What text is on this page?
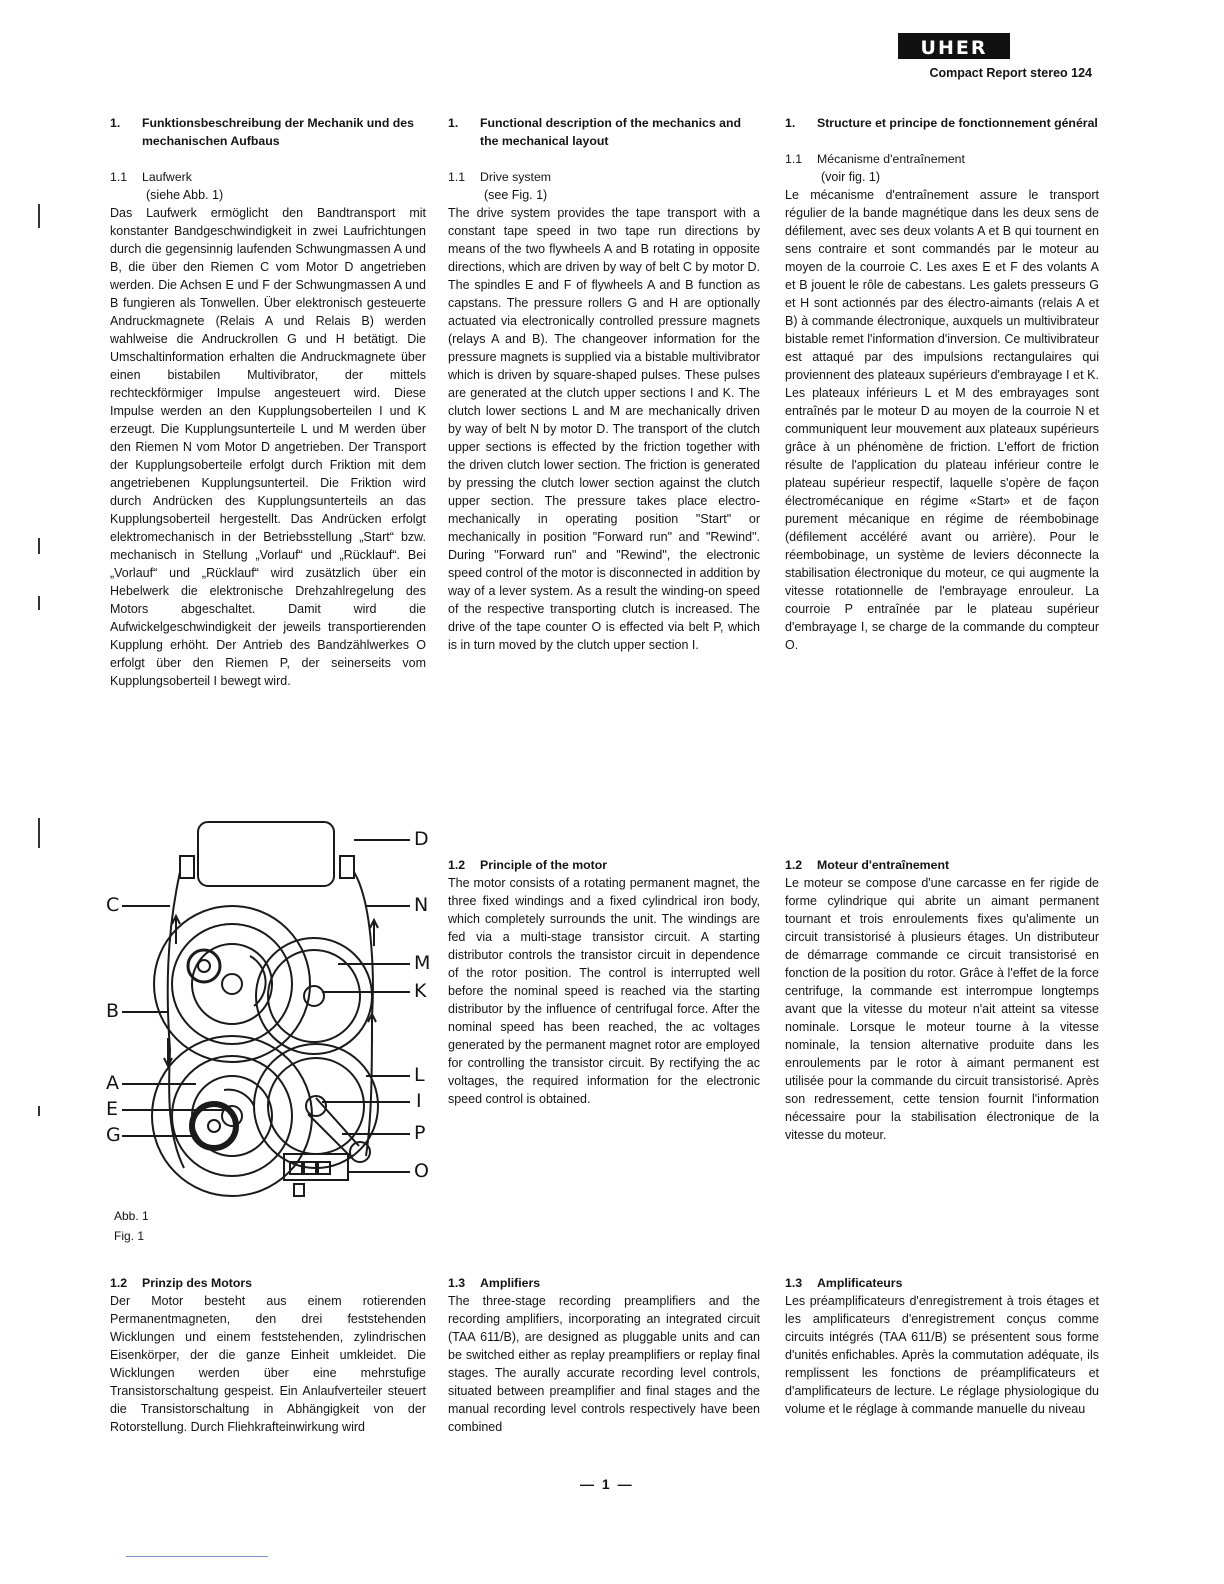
UHER
Compact Report stereo 124
1.	Funktionsbeschreibung der Mechanik und des mechanischen Aufbaus
1.1	Laufwerk
(siehe Abb. 1)

Das Laufwerk ermöglicht den Bandtransport mit konstanter Bandgeschwindigkeit in zwei Laufrichtungen durch die gegensinnig laufenden Schwungmassen A und B, die über den Riemen C vom Motor D angetrieben werden. Die Achsen E und F der Schwungmassen A und B fungieren als Tonwellen. Über elektronisch gesteuerte Andruckmagnete (Relais A und Relais B) werden wahlweise die Andruckrollen G und H betätigt. Die Umschaltinformation erhalten die Andruckmagnete über einen bistabilen Multivibrator, der mittels rechteckförmiger Impulse angesteuert wird. Diese Impulse werden an den Kupplungsoberteilen I und K erzeugt. Die Kupplungsunterteile L und M werden über den Riemen N vom Motor D angetrieben. Der Transport der Kupplungsoberteile erfolgt durch Friktion mit dem angetriebenen Kupplungsunterteil. Die Friktion wird durch Andrücken des Kupplungsunterteils an das Kupplungsoberteil hergestellt. Das Andrücken erfolgt elektromechanisch in der Betriebsstellung „Start“ bzw. mechanisch in Stellung „Vorlauf“ und „Rücklauf“. Bei „Vorlauf“ und „Rücklauf“ wird zusätzlich über ein Hebelwerk die elektronische Drehzahlregelung des Motors abgeschaltet. Damit wird die Aufwickelgeschwindigkeit der jeweils transportierenden Kupplung erhöht. Der Antrieb des Bandzählwerkes O erfolgt über den Riemen P, der seinerseits vom Kupplungsoberteil I bewegt wird.

1.	Functional description of the mechanics and the mechanical layout
1.1	Drive system
(see Fig. 1)

The drive system provides the tape transport with a constant tape speed in two tape run directions by means of the two flywheels A and B rotating in opposite directions, which are driven by way of belt C by motor D. The spindles E and F of flywheels A and B function as capstans. The pressure rollers G and H are optionally actuated via electronically controlled pressure magnets (relays A and B). The changeover information for the pressure magnets is supplied via a bistable multivibrator which is driven by square-shaped pulses. These pulses are generated at the clutch upper sections I and K. The clutch lower sections L and M are mechanically driven by way of belt N by motor D. The transport of the clutch upper sections is effected by the friction together with the driven clutch lower section. The friction is generated by pressing the clutch lower section against the clutch upper section. The pressure takes place electro-mechanically in operating position "Start" or mechanically in position "Forward run" and "Rewind". During "Forward run" and "Rewind", the electronic speed control of the motor is disconnected in addition by way of a lever system. As a result the winding-on speed of the respective transporting clutch is increased. The drive of the tape counter O is effected via belt P, which is in turn moved by the clutch upper section I.

1.	Structure et principe de fonctionnement général
1.1	Mécanisme d'entraînement
(voir fig. 1)

Le mécanisme d'entraînement assure le transport régulier de la bande magnétique dans les deux sens de défilement, avec ses deux volants A et B qui tournent en sens contraire et sont commandés par le moteur au moyen de la courroie C. Les axes E et F des volants A et B jouent le rôle de cabestans. Les galets presseurs G et H sont actionnés par des électro-aimants (relais A et B) à commande électronique, auxquels un multivibrateur bistable remet l'information d'inversion. Ce multivibrateur est attaqué par des impulsions rectangulaires qui proviennent des plateaux supérieurs d'embrayage I et K. Les plateaux inférieurs L et M des embrayages sont entraînés par le moteur D au moyen de la courroie N et communiquent leur mouvement aux plateaux supérieurs grâce à un phénomène de friction. L'effort de friction résulte de l'application du plateau inférieur contre le plateau supérieur respectif, laquelle s'opère de façon électromécanique en régime «Start» et de façon purement mécanique en régime de réembobinage (défilement accéléré avant ou arrière). Pour le réembobinage, un système de leviers déconnecte la stabilisation électronique du moteur, ce qui augmente la vitesse rotationnelle de l'embrayage enrouleur. La courroie P entraînée par le plateau supérieur d'embrayage I, se charge de la commande du compteur O.

D
N
M
K
L
I
P
O
C
B
A
E
G
Abb. 1
Fig. 1
1.2	Principle of the motor

The motor consists of a rotating permanent magnet, the three fixed windings and a fixed cylindrical iron body, which completely surrounds the unit. The windings are fed via a multi-stage transistor circuit. A starting distributor controls the transistor circuit in dependence of the rotor position. The control is interrupted well before the nominal speed is reached via the starting distributor by the influence of centrifugal force. After the nominal speed has been reached, the ac voltages generated by the permanent magnet rotor are employed for controlling the transistor circuit. By rectifying the ac voltages, the required information for the electronic speed control is obtained.

1.2	Moteur d'entraînement

Le moteur se compose d'une carcasse en fer rigide de forme cylindrique qui abrite un aimant permanent tournant et trois enroulements fixes qu'alimente un circuit transistorisé à plusieurs étages. Un distributeur de démarrage commande ce circuit transistorisé en fonction de la position du rotor. Grâce à l'effet de la force centrifuge, la commande est interrompue longtemps avant que la vitesse du moteur n'ait atteint sa vitesse nominale. Lorsque le moteur tourne à la vitesse nominale, la tension alternative produite dans les enroulements par le rotor à aimant permanent est utilisée pour la commande du circuit transistorisé. Après son redressement, cette tension fournit l'information nécessaire pour la stabilisation électronique de la vitesse du moteur.

1.2	Prinzip des Motors

Der Motor besteht aus einem rotierenden Permanentmagneten, den drei feststehenden Wicklungen und einem feststehenden, zylindrischen Eisenkörper, der die ganze Einheit umkleidet. Die Wicklungen werden über eine mehrstufige Transistorschaltung gespeist. Ein Anlaufverteiler steuert die Transistorschaltung in Abhängigkeit von der Rotorstellung. Durch Fliehkrafteinwirkung wird

1.3	Amplifiers

The three-stage recording preamplifiers and the recording amplifiers, incorporating an integrated circuit (TAA 611/B), are designed as pluggable units and can be switched either as replay preamplifiers or replay final stages. The aurally accurate recording level controls, situated between preamplifier and final stages and the manual recording level controls respectively have been combined

1.3	Amplificateurs

Les préamplificateurs d'enregistrement à trois étages et les amplificateurs d'enregistrement conçus comme circuits intégrés (TAA 611/B) se présentent sous forme d'unités enfichables. Après la commutation adéquate, ils remplissent les fonctions de préamplificateurs et d'amplificateurs de lecture. Le réglage physiologique du volume et le réglage à commande manuelle du niveau

— 1 —
